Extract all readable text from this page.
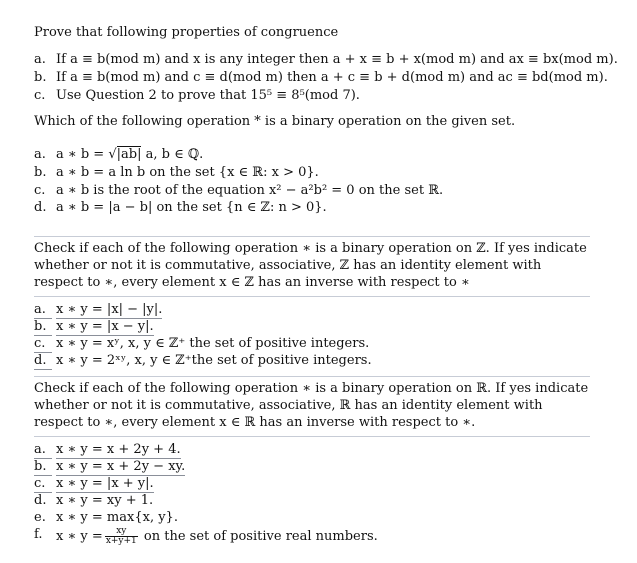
Prove that following properties of congruence
a. If a ≡ b(mod m) and x is any integer then a + x ≡ b + x(mod m) and ax ≡ bx(mod m).
b. If a ≡ b(mod m) and c ≡ d(mod m) then a + c ≡ b + d(mod m) and ac ≡ bd(mod m).
c. Use Question 2 to prove that 15⁵ ≡ 8⁵(mod 7).
Which of the following operation * is a binary operation on the given set.
a. a ∗ b = √|ab| a, b ∈ ℚ.
b. a ∗ b = a ln b on the set {x ∈ ℝ: x > 0}.
c. a ∗ b is the root of the equation x² − a²b² = 0 on the set ℝ.
d. a ∗ b = |a − b| on the set {n ∈ ℤ: n > 0}.
Check if each of the following operation ∗ is a binary operation on ℤ. If yes indicate whether or not it is commutative, associative, ℤ has an identity element with respect to ∗, every element x ∈ ℤ has an inverse with respect to ∗
a. x ∗ y = |x| − |y|.
b. x ∗ y = |x − y|.
c. x ∗ y = xʸ, x, y ∈ ℤ⁺ the set of positive integers.
d. x ∗ y = 2ˣʸ, x, y ∈ ℤ⁺the set of positive integers.
Check if each of the following operation ∗ is a binary operation on ℝ. If yes indicate whether or not it is commutative, associative, ℝ has an identity element with respect to ∗, every element x ∈ ℝ has an inverse with respect to ∗.
a. x ∗ y = x + 2y + 4.
b. x ∗ y = x + 2y − xy.
c. x ∗ y = |x + y|.
d. x ∗ y = xy + 1.
e. x ∗ y = max{x, y}.
f.	x ∗ $y = \frac{xy}{x+y+1}$ on the set of positive real numbers.
